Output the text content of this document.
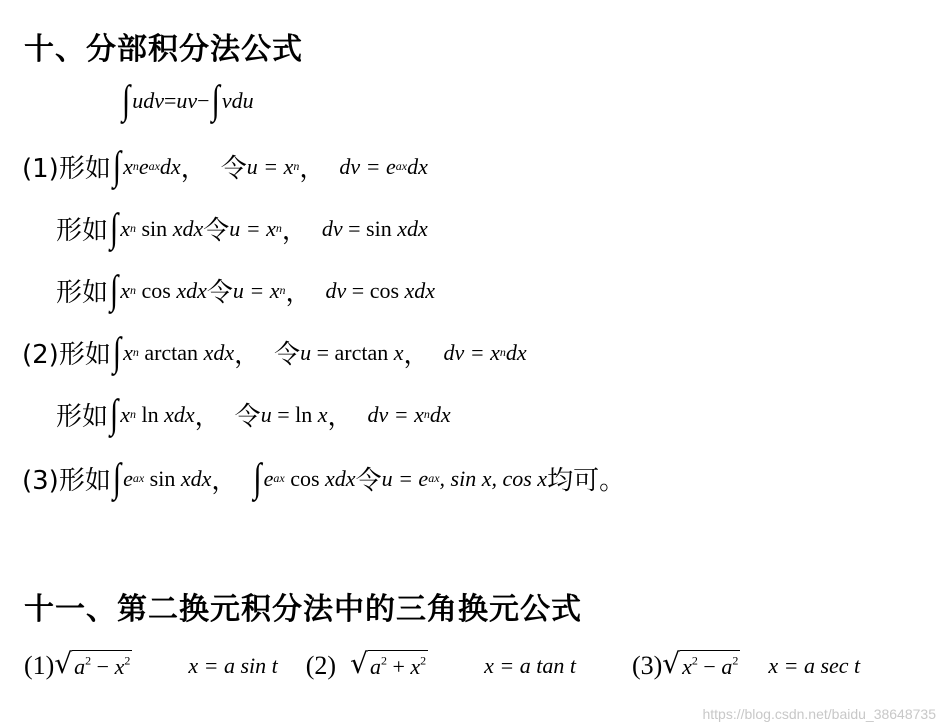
十、分部积分法公式
∫ udv = uv − ∫ vdu
(1)形如 ∫ x n e ax dx ， 令 u = x n ， dv = e ax dx
形如 ∫ x n sin xdx 令 u = x n ， dv = sin xdx
形如 ∫ x n cos xdx 令 u = x n ， dv = cos xdx
(2)形如 ∫ x n arctan xdx ， 令 u = arctan x ， dv = x n dx
形如 ∫ x n ln xdx ， 令 u = ln x ， dv = x n dx
(3)形如 ∫ e ax sin xdx ， ∫ e ax cos xdx 令 u = e ax , sin x, cos x 均可。
十一、第二换元积分法中的三角换元公式
(1) √ $a^2 - x^2$	x = a sin t (2) √ $a^2 + x^2$	x = a tan t (3) √ $x^2 - a^2$ x = a sec t
https://blog.csdn.net/baidu_38648735
